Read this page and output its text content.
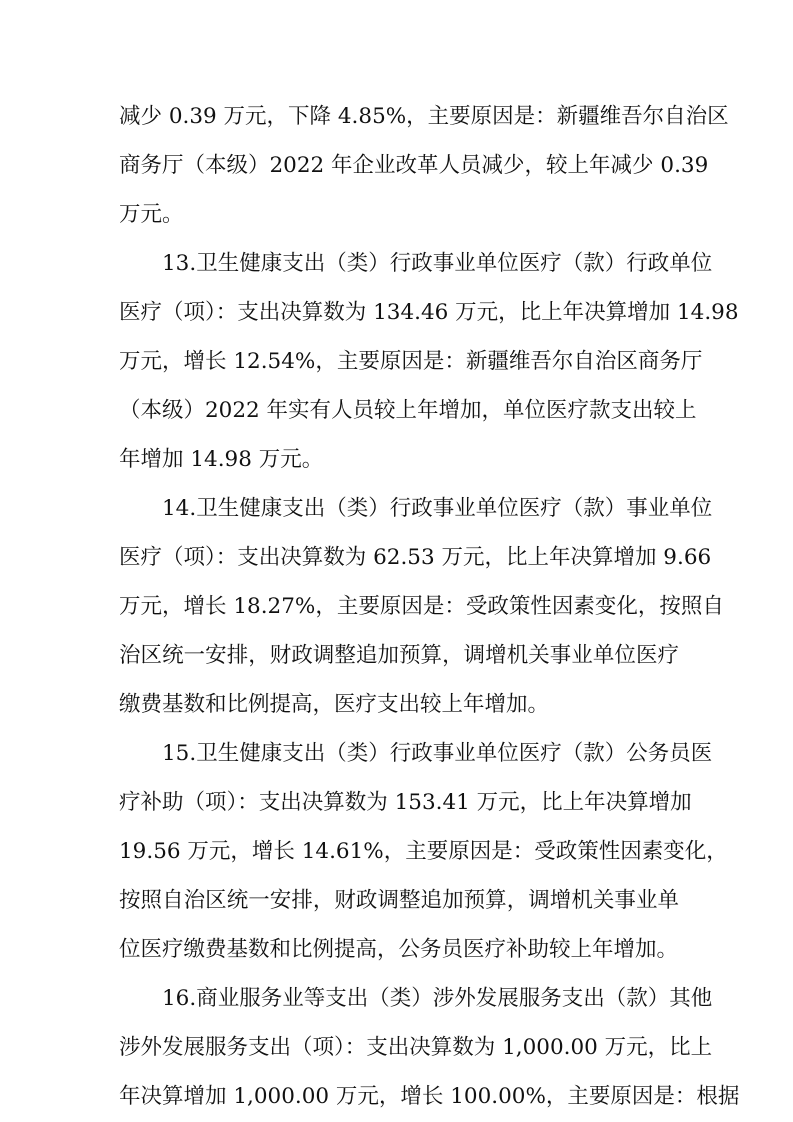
减少 0.39 万元，下降 4.85%，主要原因是：新疆维吾尔自治区
商务厅（本级）2022 年企业改革人员减少，较上年减少 0.39
万元。
13.卫生健康支出（类）行政事业单位医疗（款）行政单位
医疗（项）：支出决算数为 134.46 万元，比上年决算增加 14.98
万元，增长 12.54%，主要原因是：新疆维吾尔自治区商务厅
（本级）2022 年实有人员较上年增加，单位医疗款支出较上
年增加 14.98 万元。
14.卫生健康支出（类）行政事业单位医疗（款）事业单位
医疗（项）：支出决算数为 62.53 万元，比上年决算增加 9.66
万元，增长 18.27%，主要原因是：受政策性因素变化，按照自
治区统一安排，财政调整追加预算，调增机关事业单位医疗
缴费基数和比例提高，医疗支出较上年增加。
15.卫生健康支出（类）行政事业单位医疗（款）公务员医
疗补助（项）：支出决算数为 153.41 万元，比上年决算增加
19.56 万元，增长 14.61%，主要原因是：受政策性因素变化，
按照自治区统一安排，财政调整追加预算，调增机关事业单
位医疗缴费基数和比例提高，公务员医疗补助较上年增加。
16.商业服务业等支出（类）涉外发展服务支出（款）其他
涉外发展服务支出（项）：支出决算数为 1,000.00 万元，比上
年决算增加 1,000.00 万元，增长 100.00%，主要原因是：根据
